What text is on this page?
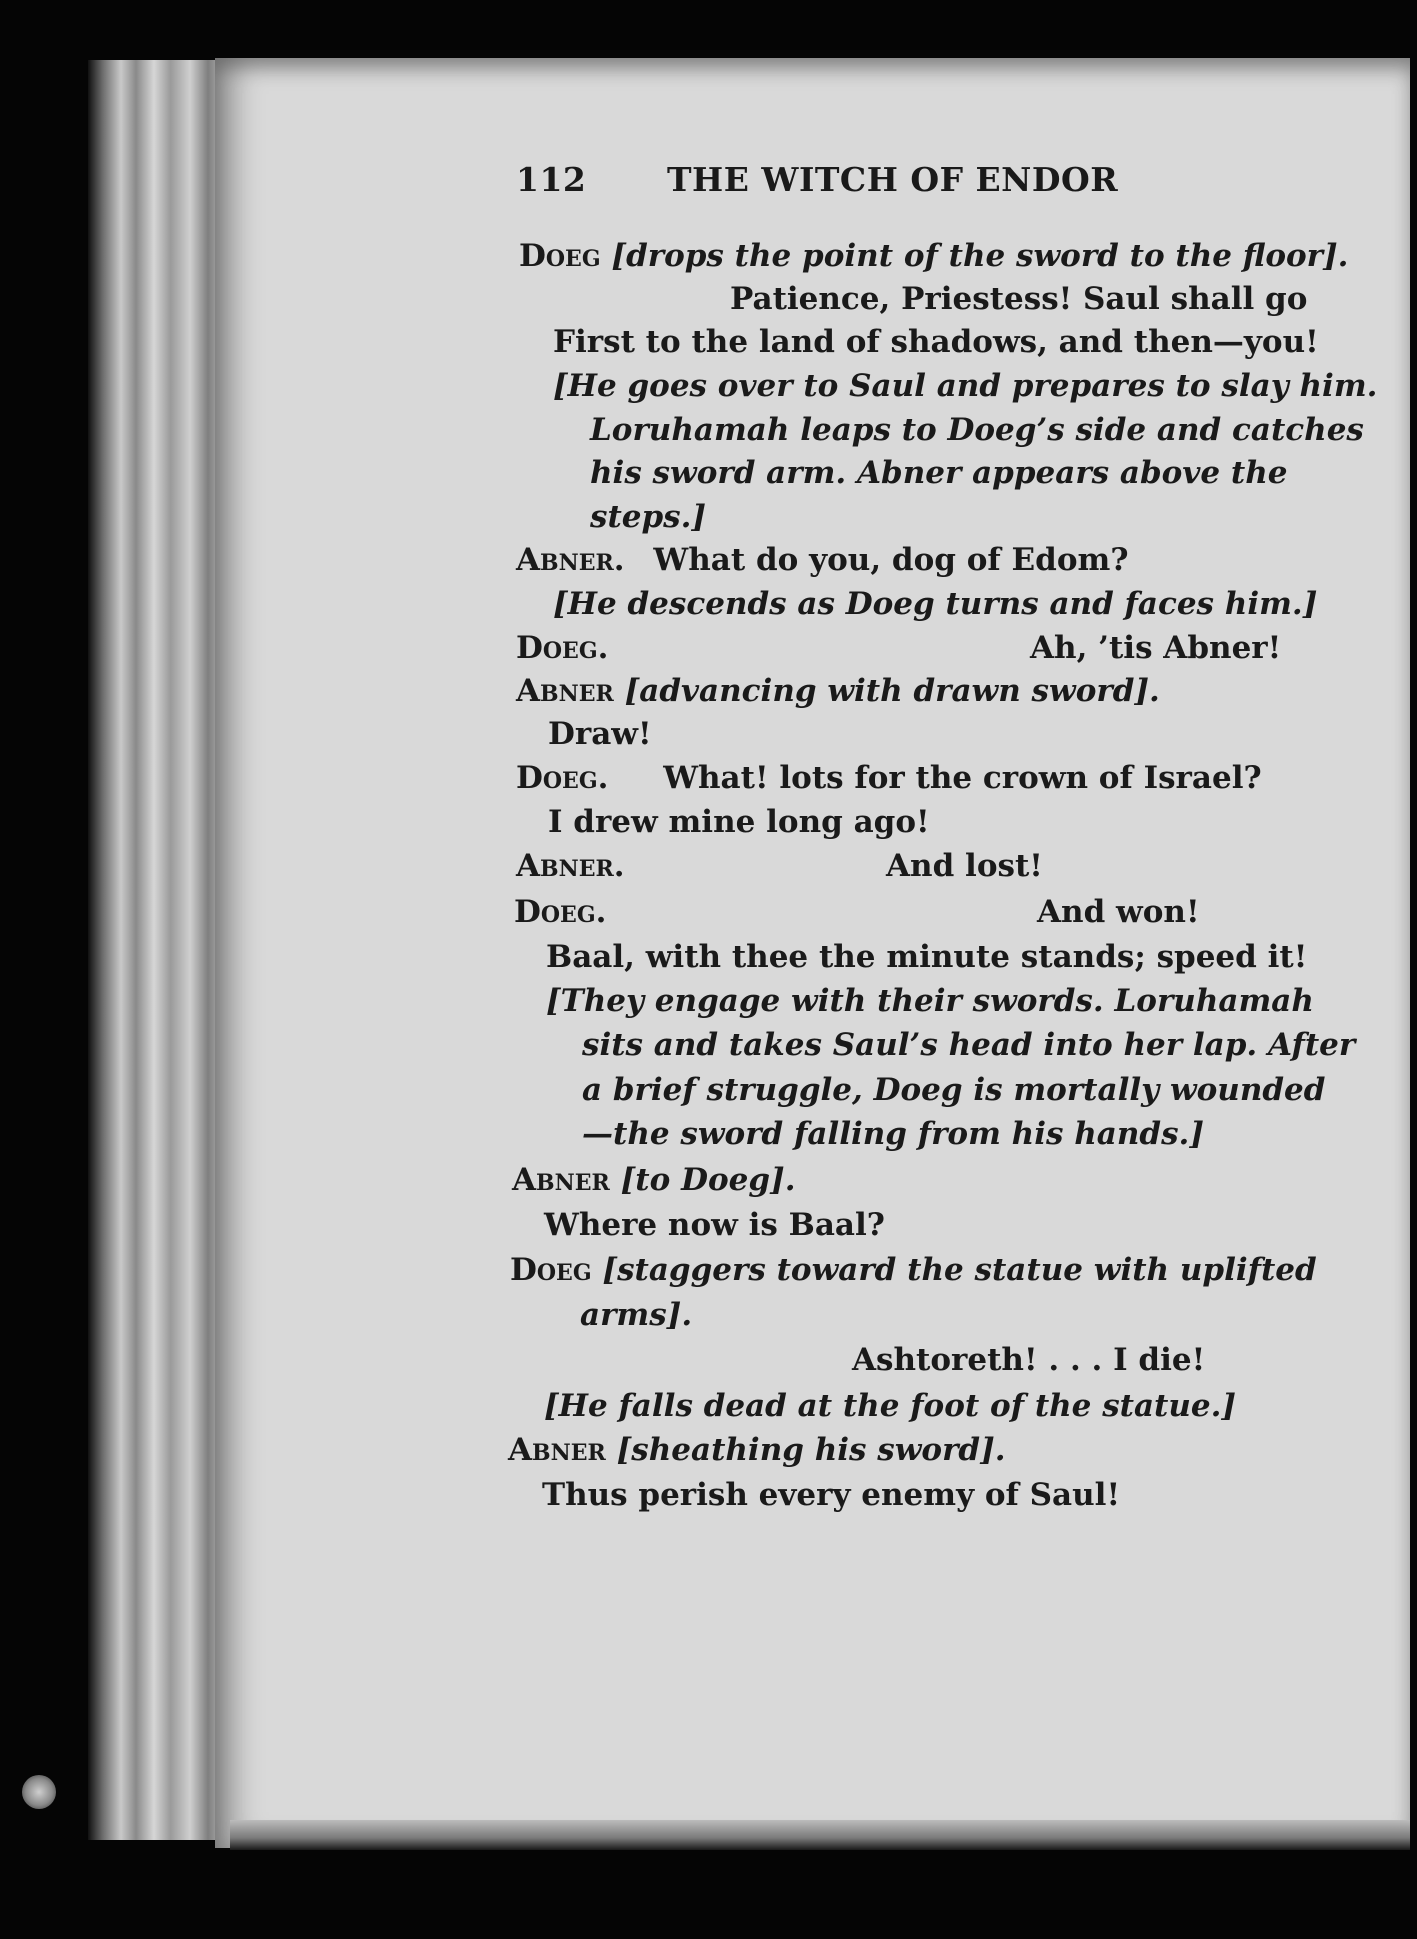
112 THE WITCH OF ENDOR
Doeg [drops the point of the sword to the floor].
Patience, Priestess! Saul shall go
First to the land of shadows, and then—you!
[He goes over to Saul and prepares to slay him.
Loruhamah leaps to Doeg’s side and catches
his sword arm. Abner appears above the
steps.]
Abner. What do you, dog of Edom?
[He descends as Doeg turns and faces him.]
Doeg.	Ah, ’tis Abner!
Abner [advancing with drawn sword].
Draw!
Doeg. What! lots for the crown of Israel?
I drew mine long ago!
Abner.	And lost!
Doeg.	And won!
Baal, with thee the minute stands; speed it!
[They engage with their swords. Loruhamah
sits and takes Saul’s head into her lap. After
a brief struggle, Doeg is mortally wounded
—the sword falling from his hands.]
Abner [to Doeg].
Where now is Baal?
Doeg [staggers toward the statue with uplifted
arms].
Ashtoreth! . . . I die!
[He falls dead at the foot of the statue.]
Abner [sheathing his sword].
Thus perish every enemy of Saul!
